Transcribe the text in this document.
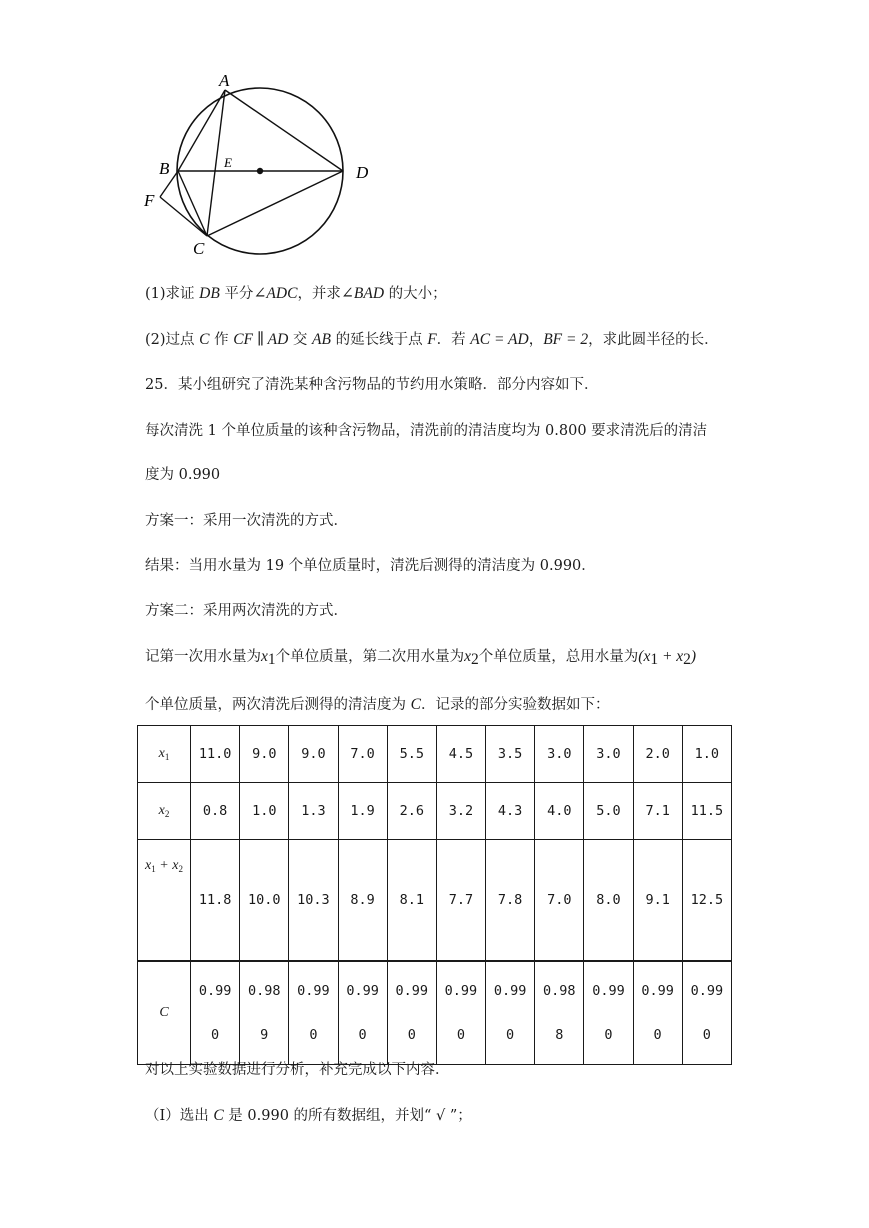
A
B
C
D
E
F
(1)求证 DB 平分∠ADC，并求∠BAD 的大小；
(2)过点 C 作 CF ∥ AD 交 AB 的延长线于点 F．若 AC = AD，BF = 2，求此圆半径的长．
25．某小组研究了清洗某种含污物品的节约用水策略．部分内容如下．
每次清洗 1 个单位质量的该种含污物品，清洗前的清洁度均为 0.800 要求清洗后的清洁
度为 0.990
方案一：采用一次清洗的方式．
结果：当用水量为 19 个单位质量时，清洗后测得的清洁度为 0.990．
方案二：采用两次清洗的方式．
记第一次用水量为$x_1$个单位质量，第二次用水量为$x_2$个单位质量，总用水量为$(x_1 + x_2)$
个单位质量，两次清洗后测得的清洁度为 C．记录的部分实验数据如下：
$x_1$	11.0	9.0	9.0	7.0	5.5	4.5	3.5	3.0	3.0	2.0	1.0
$x_2$	0.8	1.0	1.3	1.9	2.6	3.2	4.3	4.0	5.0	7.1	11.5
$x_1 + x_2$	11.8	10.0	10.3	8.9	8.1	7.7	7.8	7.0	8.0	9.1	12.5
C	0.990	0.989	0.990	0.990	0.990	0.990	0.990	0.988	0.990	0.990	0.990
对以上实验数据进行分析，补充完成以下内容．
（Ⅰ）选出 C 是 0.990 的所有数据组，并划“ √ ”；
